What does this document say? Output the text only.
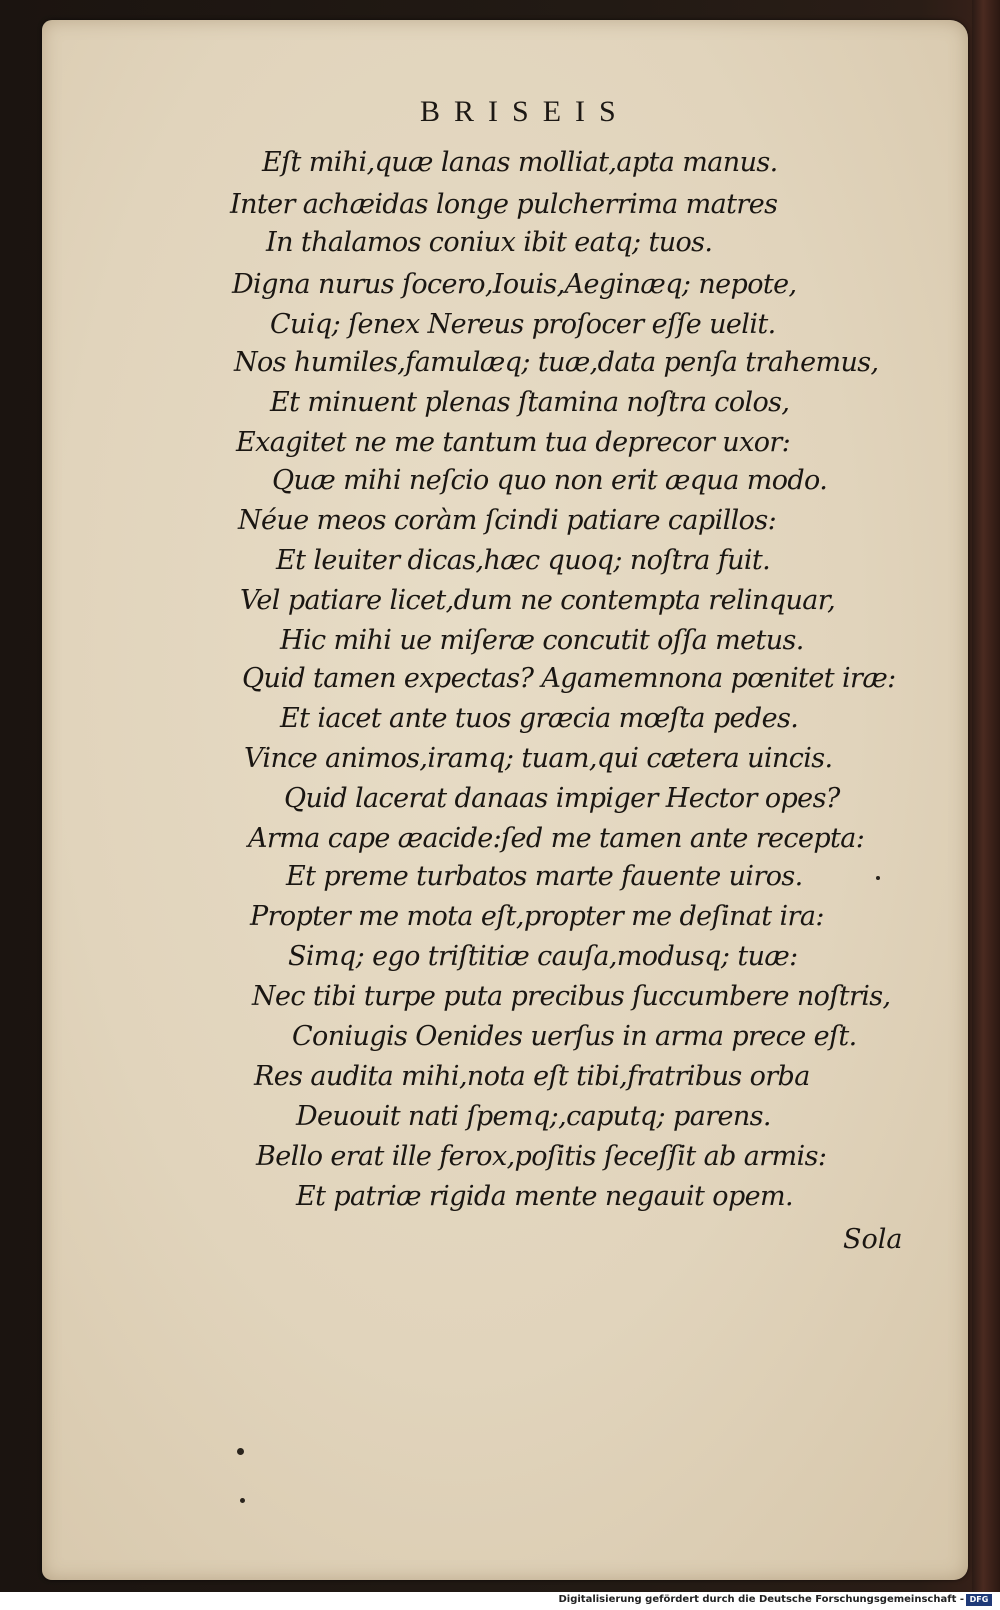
BRISEIS

Eſt mihi,quæ lanas molliat,apta manus.

Inter achæidas longe pulcherrima matres

In thalamos coniux ibit eatq; tuos.

Digna nurus ſocero,Iouis,Aeginæq; nepote,

Cuiq; ſenex Nereus proſocer eſſe uelit.

Nos humiles,famulæq; tuæ,data penſa trahemus,

Et minuent plenas ſtamina noſtra colos,

Exagitet ne me tantum tua deprecor uxor:

Quæ mihi neſcio quo non erit æqua modo.

Néue meos coràm ſcindi patiare capillos:

Et leuiter dicas,hæc quoq; noſtra fuit.

Vel patiare licet,dum ne contempta relinquar,

Hic mihi ue miſeræ concutit oſſa metus.

Quid tamen expectas? Agamemnona pœnitet iræ:

Et iacet ante tuos græcia mœſta pedes.

Vince animos,iramq; tuam,qui cætera uincis.

Quid lacerat danaas impiger Hector opes?

Arma cape æacide:ſed me tamen ante recepta:

Et preme turbatos marte fauente uiros.

Propter me mota eſt,propter me deſinat ira:

Simq; ego triſtitiæ cauſa,modusq; tuæ:

Nec tibi turpe puta precibus ſuccumbere noſtris,

Coniugis Oenides uerſus in arma prece eſt.

Res audita mihi,nota eſt tibi,fratribus orba

Deuouit nati ſpemq;,caputq; parens.

Bello erat ille ferox,poſitis ſeceſſit ab armis:

Et patriæ rigida mente negauit opem.

Sola
Digitalisierung gefördert durch die Deutsche Forschungsgemeinschaft - DFG
